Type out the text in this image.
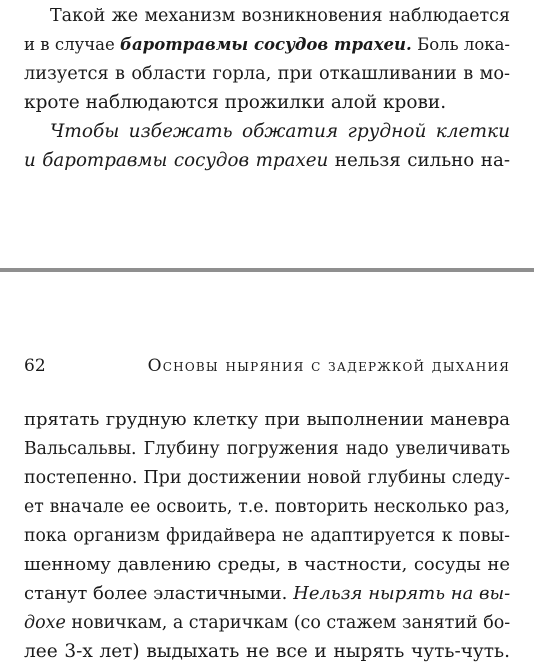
Такой же механизм возникновения наблюдается
и в случае баротравмы сосудов трахеи. Боль лока-
лизуется в области горла, при откашливании в мо-
кроте наблюдаются прожилки алой крови.
Чтобы избежать обжатия грудной клетки
и баротравмы сосудов трахеи нельзя сильно на-
62	Основы ныряния с задержкой дыхания
прятать грудную клетку при выполнении маневра
Вальсальвы. Глубину погружения надо увеличивать
постепенно. При достижении новой глубины следу-
ет вначале ее освоить, т.е. повторить несколько раз,
пока организм фридайвера не адаптируется к повы-
шенному давлению среды, в частности, сосуды не
станут более эластичными. Нельзя нырять на вы-
дохе новичкам, а старичкам (со стажем занятий бо-
лее 3-х лет) выдыхать не все и нырять чуть-чуть.
